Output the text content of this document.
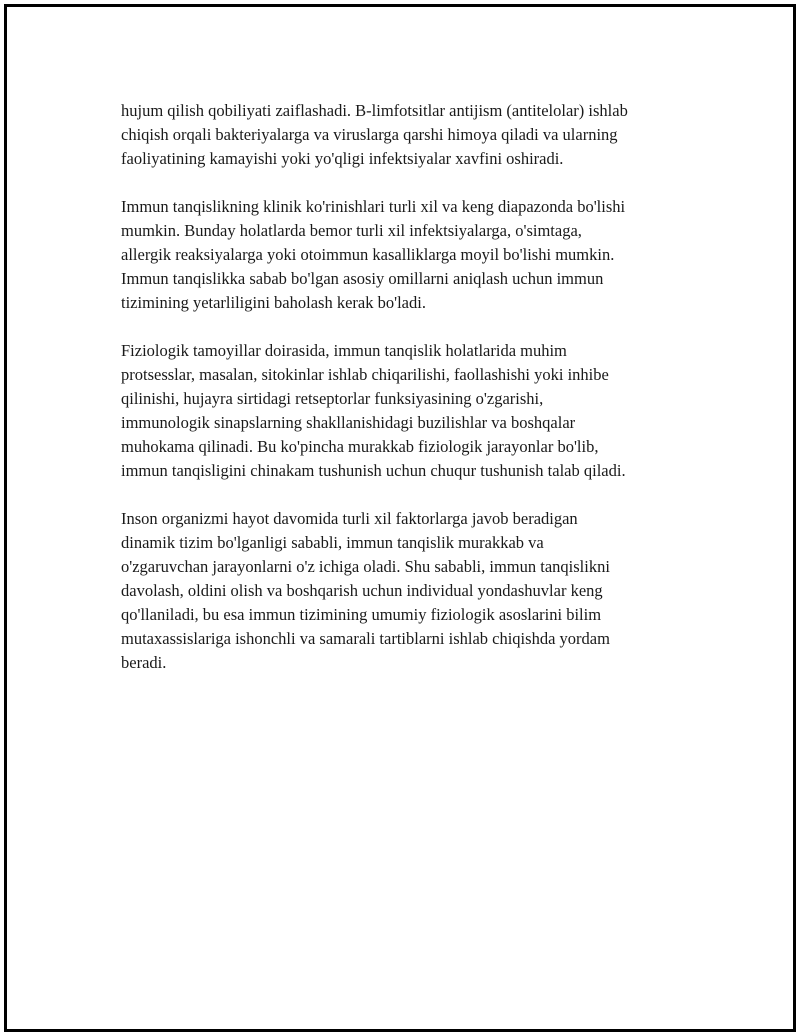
hujum qilish qobiliyati zaiflashadi. B-limfotsitlar antijism (antitelolar) ishlab
chiqish orqali bakteriyalarga va viruslarga qarshi himoya qiladi va ularning
faoliyatining kamayishi yoki yo'qligi infektsiyalar xavfini oshiradi.

Immun tanqislikning klinik ko'rinishlari turli xil va keng diapazonda bo'lishi
mumkin. Bunday holatlarda bemor turli xil infektsiyalarga, o'simtaga,
allergik reaksiyalarga yoki otoimmun kasalliklarga moyil bo'lishi mumkin.
Immun tanqislikka sabab bo'lgan asosiy omillarni aniqlash uchun immun
tizimining yetarliligini baholash kerak bo'ladi.

Fiziologik tamoyillar doirasida, immun tanqislik holatlarida muhim
protsesslar, masalan, sitokinlar ishlab chiqarilishi, faollashishi yoki inhibe
qilinishi, hujayra sirtidagi retseptorlar funksiyasining o'zgarishi,
immunologik sinapslarning shakllanishidagi buzilishlar va boshqalar
muhokama qilinadi. Bu ko'pincha murakkab fiziologik jarayonlar bo'lib,
immun tanqisligini chinakam tushunish uchun chuqur tushunish talab qiladi.

Inson organizmi hayot davomida turli xil faktorlarga javob beradigan
dinamik tizim bo'lganligi sababli, immun tanqislik murakkab va
o'zgaruvchan jarayonlarni o'z ichiga oladi. Shu sababli, immun tanqislikni
davolash, oldini olish va boshqarish uchun individual yondashuvlar keng
qo'llaniladi, bu esa immun tizimining umumiy fiziologik asoslarini bilim
mutaxassislariga ishonchli va samarali tartiblarni ishlab chiqishda yordam
beradi.
